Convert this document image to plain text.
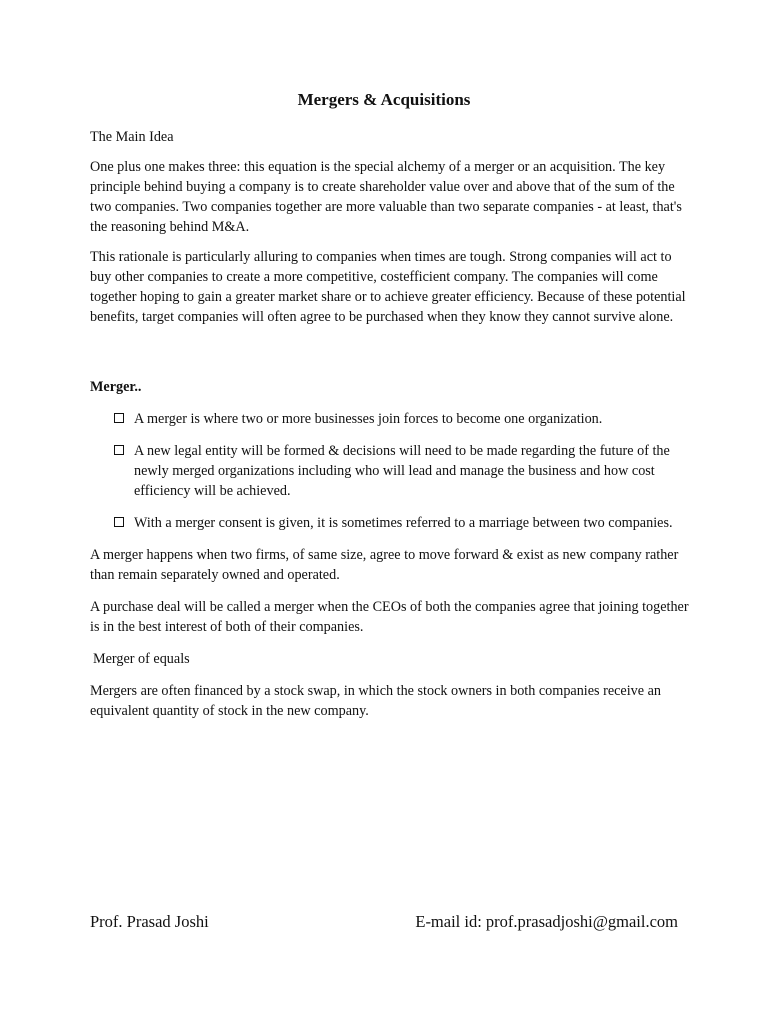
Mergers & Acquisitions

The Main Idea

One plus one makes three: this equation is the special alchemy of a merger or an acquisition. The key principle behind buying a company is to create shareholder value over and above that of the sum of the two companies. Two companies together are more valuable than two separate companies - at least, that's the reasoning behind M&A.

This rationale is particularly alluring to companies when times are tough. Strong companies will act to buy other companies to create a more competitive, costefficient company. The companies will come together hoping to gain a greater market share or to achieve greater efficiency. Because of these potential benefits, target companies will often agree to be purchased when they know they cannot survive alone.

Merger..

A merger is where two or more businesses join forces to become one organization.
A new legal entity will be formed & decisions will need to be made regarding the future of the newly merged organizations including who will lead and manage the business and how cost efficiency will be achieved.
With a merger consent is given, it is sometimes referred to a marriage between two companies.

A merger happens when two firms, of same size, agree to move forward & exist as new company rather than remain separately owned and operated.

A purchase deal will be called a merger when the CEOs of both the companies agree that joining together is in the best interest of both of their companies.

Merger of equals

Mergers are often financed by a stock swap, in which the stock owners in both companies receive an equivalent quantity of stock in the new company.

Prof. Prasad Joshi	E-mail id: prof.prasadjoshi@gmail.com
